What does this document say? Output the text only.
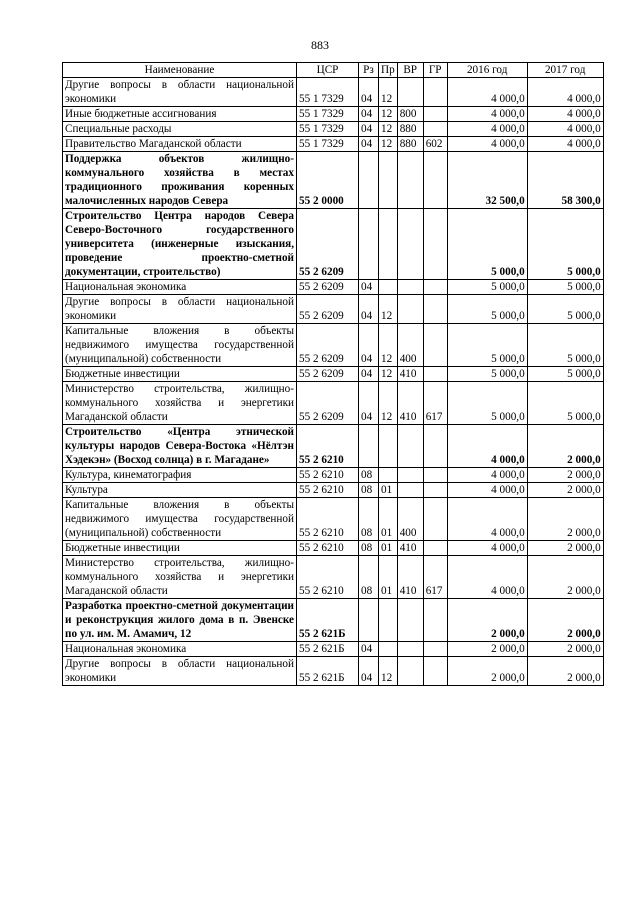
883
Наименование	ЦСР	Рз	Пр	ВР	ГР	2016 год	2017 год
Другие вопросы в области национальной экономики	55 1 7329	04	12			4 000,0	4 000,0
Иные бюджетные ассигнования	55 1 7329	04	12	800		4 000,0	4 000,0
Специальные расходы	55 1 7329	04	12	880		4 000,0	4 000,0
Правительство Магаданской области	55 1 7329	04	12	880	602	4 000,0	4 000,0
Поддержка объектов жилищно-коммунального хозяйства в местах традиционного проживания коренных малочисленных народов Севера	55 2 0000					32 500,0	58 300,0
Строительство Центра народов Севера Северо-Восточного государственного университета (инженерные изыскания, проведение проектно-сметной документации, строительство)	55 2 6209					5 000,0	5 000,0
Национальная экономика	55 2 6209	04				5 000,0	5 000,0
Другие вопросы в области национальной экономики	55 2 6209	04	12			5 000,0	5 000,0
Капитальные вложения в объекты недвижимого имущества государственной (муниципальной) собственности	55 2 6209	04	12	400		5 000,0	5 000,0
Бюджетные инвестиции	55 2 6209	04	12	410		5 000,0	5 000,0
Министерство строительства, жилищно-коммунального хозяйства и энергетики Магаданской области	55 2 6209	04	12	410	617	5 000,0	5 000,0
Строительство «Центра этнической культуры народов Севера-Востока «Нёлтэн Хэдекэн» (Восход солнца) в г. Магадане»	55 2 6210					4 000,0	2 000,0
Культура, кинематография	55 2 6210	08				4 000,0	2 000,0
Культура	55 2 6210	08	01			4 000,0	2 000,0
Капитальные вложения в объекты недвижимого имущества государственной (муниципальной) собственности	55 2 6210	08	01	400		4 000,0	2 000,0
Бюджетные инвестиции	55 2 6210	08	01	410		4 000,0	2 000,0
Министерство строительства, жилищно-коммунального хозяйства и энергетики Магаданской области	55 2 6210	08	01	410	617	4 000,0	2 000,0
Разработка проектно-сметной документации и реконструкция жилого дома в п. Эвенске по ул. им. М. Амамич, 12	55 2 621Б					2 000,0	2 000,0
Национальная экономика	55 2 621Б	04				2 000,0	2 000,0
Другие вопросы в области национальной экономики	55 2 621Б	04	12			2 000,0	2 000,0
